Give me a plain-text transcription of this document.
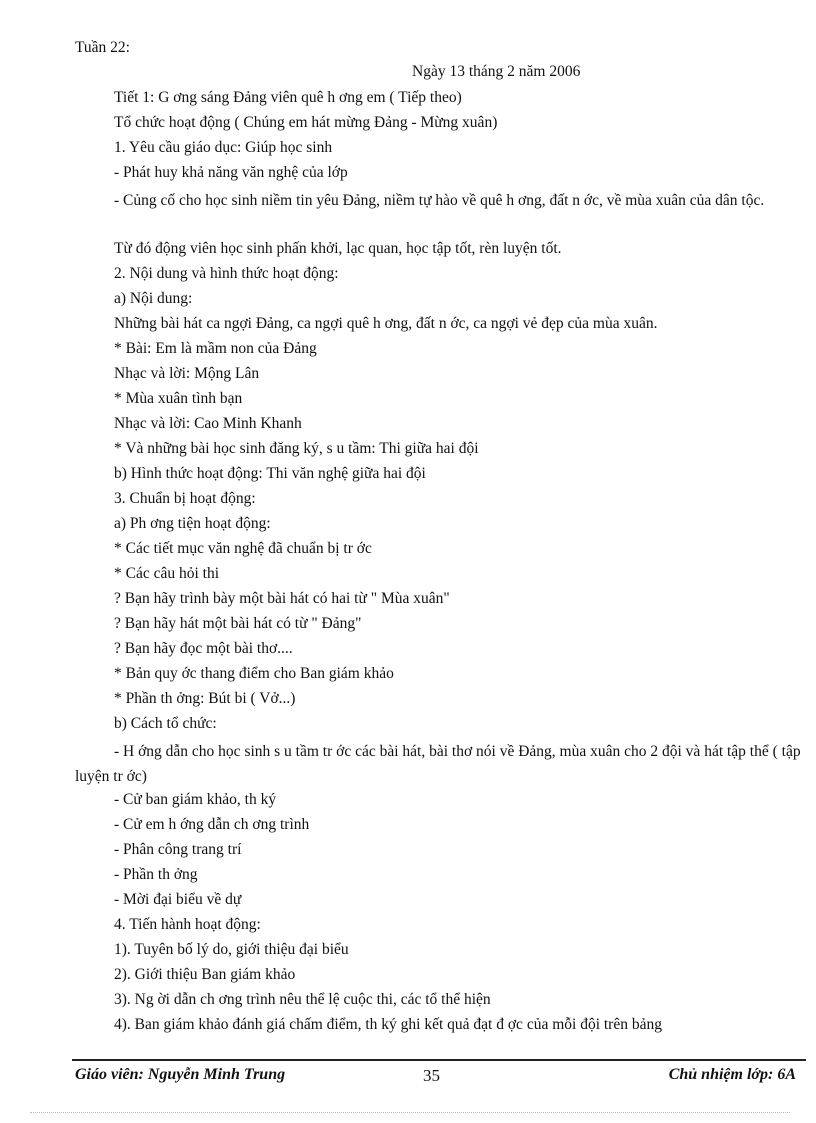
Tuần 22:
Ngày 13 tháng 2 năm 2006
Tiết 1: G ơng sáng Đảng viên quê h ơng em ( Tiếp theo)
Tổ chức hoạt động ( Chúng em hát mừng Đảng - Mừng xuân)
1. Yêu cầu giáo dục: Giúp học sinh
- Phát huy khả năng văn nghệ của lớp
- Củng cố cho học sinh niềm tin yêu Đảng, niềm tự hào về quê h ơng, đất n ớc, về mùa xuân của dân tộc.
Từ đó động viên học sinh phấn khởi, lạc quan, học tập tốt, rèn luyện tốt.
2. Nội dung và hình thức hoạt động:
a) Nội dung:
Những bài hát ca ngợi Đảng, ca ngợi quê h ơng, đất n ớc, ca ngợi vẻ đẹp của mùa xuân.
* Bài: Em là mầm non của Đảng
Nhạc và lời: Mộng Lân
* Mùa xuân tình bạn
Nhạc và lời: Cao Minh Khanh
* Và những bài học sinh đăng ký, s u tầm: Thi giữa hai đội
b) Hình thức hoạt động: Thi văn nghệ giữa hai đội
3. Chuẩn bị hoạt động:
a) Ph ơng tiện hoạt động:
* Các tiết mục văn nghệ đã chuẩn bị tr ớc
* Các câu hỏi thi
? Bạn hãy trình bày một bài hát có hai từ " Mùa xuân"
? Bạn hãy hát một bài hát có từ " Đảng"
? Bạn hãy đọc một bài thơ....
* Bản quy ớc thang điểm cho Ban giám khảo
* Phần th ởng: Bút bi ( Vở...)
b) Cách tổ chức:
- H ớng dẫn cho học sinh s u tầm tr ớc các bài hát, bài thơ nói về Đảng, mùa xuân cho 2 đội và hát tập thể ( tập luyện tr ớc)
- Cử ban giám khảo, th ký
- Cử em h ớng dẫn ch ơng trình
- Phân công trang trí
- Phần th ởng
- Mời đại biểu về dự
4. Tiến hành hoạt động:
1). Tuyên bố lý do, giới thiệu đại biểu
2). Giới thiệu Ban giám khảo
3). Ng ời dẫn ch ơng trình nêu thể lệ cuộc thi, các tổ thể hiện
4). Ban giám khảo đánh giá chấm điểm, th ký ghi kết quả đạt đ ợc của mỗi đội trên bảng
Giáo viên: Nguyễn Minh Trung	35	Chủ nhiệm lớp: 6A
